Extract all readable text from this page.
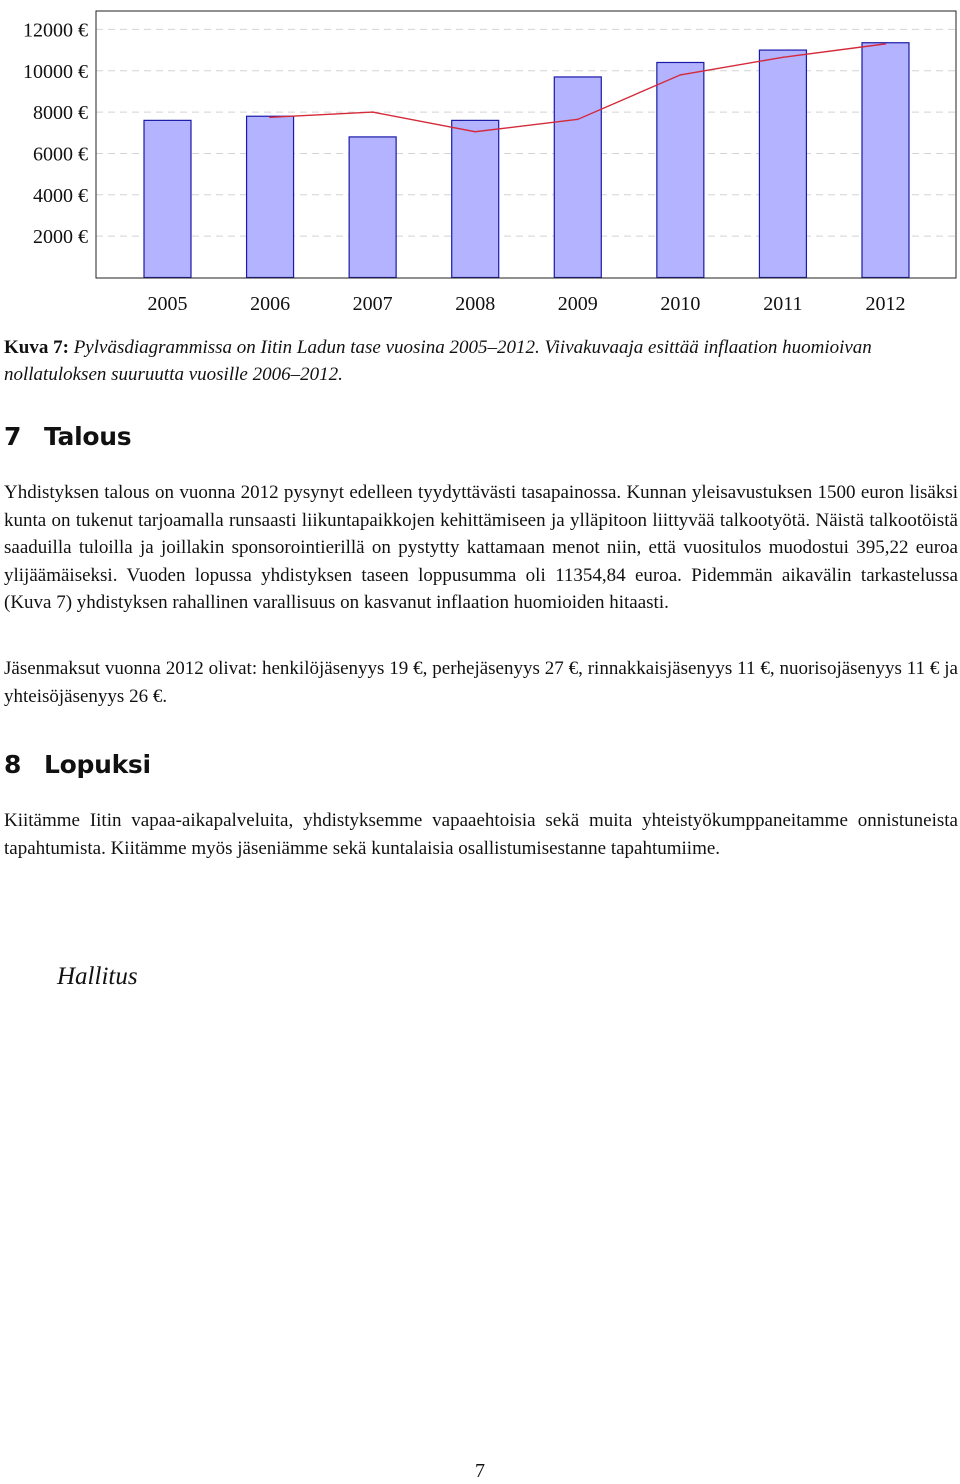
2000 €
4000 €
6000 €
8000 €
10000 €
12000 €
2005	2006	2007	2008	2009	2010	2011	2012

Kuva 7: Pylväsdiagrammissa on Iitin Ladun tase vuosina 2005–2012. Viivakuvaaja esittää inflaation huomioivan nollatuloksen suuruutta vuosille 2006–2012.

7 Talous

Yhdistyksen talous on vuonna 2012 pysynyt edelleen tyydyttävästi tasapainossa. Kunnan yleisavustuksen 1500 euron lisäksi kunta on tukenut tarjoamalla runsaasti liikuntapaikkojen kehittämiseen ja ylläpitoon liittyvää talkootyötä. Näistä talkootöistä saaduilla tuloilla ja joillakin sponsorointierillä on pystytty kattamaan menot niin, että vuositulos muodostui 395,22 euroa ylijäämäiseksi. Vuoden lopussa yhdistyksen taseen loppusumma oli 11354,84 euroa. Pidemmän aikavälin tarkastelussa (Kuva 7) yhdistyksen rahallinen varallisuus on kasvanut inflaation huomioiden hitaasti.

Jäsenmaksut vuonna 2012 olivat: henkilöjäsenyys 19 €, perhejäsenyys 27 €, rinnakkaisjäsenyys 11 €, nuorisojäsenyys 11 € ja yhteisöjäsenyys 26 €.

8 Lopuksi

Kiitämme Iitin vapaa-aikapalveluita, yhdistyksemme vapaaehtoisia sekä muita yhteistyökumppaneitamme onnistuneista tapahtumista. Kiitämme myös jäseniämme sekä kuntalaisia osallistumisestanne tapahtumiime.

Hallitus

7
